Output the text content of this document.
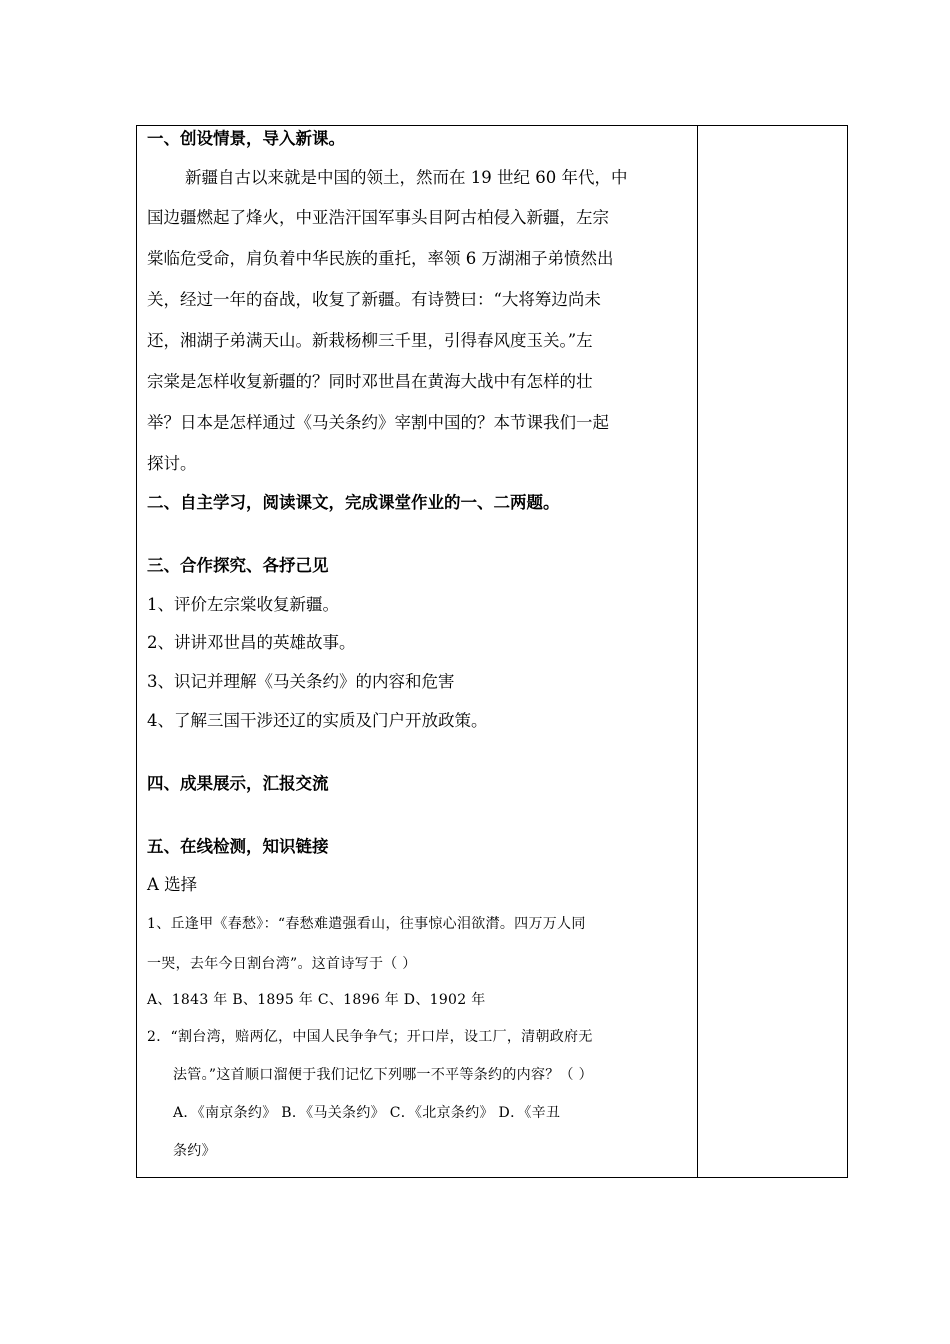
一、创设情景，导入新课。
新疆自古以来就是中国的领土，然而在 19 世纪 60 年代，中
国边疆燃起了烽火，中亚浩汗国军事头目阿古柏侵入新疆，左宗
棠临危受命，肩负着中华民族的重托，率领 6 万湖湘子弟愤然出
关，经过一年的奋战，收复了新疆。有诗赞曰：“大将筹边尚未
还，湘湖子弟满天山。新栽杨柳三千里，引得春风度玉关。”左
宗棠是怎样收复新疆的？同时邓世昌在黄海大战中有怎样的壮
举？日本是怎样通过《马关条约》宰割中国的？本节课我们一起
探讨。
二、自主学习，阅读课文，完成课堂作业的一、二两题。
三、合作探究、各抒己见
1、评价左宗棠收复新疆。
2、讲讲邓世昌的英雄故事。
3、识记并理解《马关条约》的内容和危害
4、了解三国干涉还辽的实质及门户开放政策。
四、成果展示，汇报交流
五、在线检测，知识链接
A 选择
1、丘逢甲《春愁》：“春愁难遣强看山，往事惊心泪欲潸。四万万人同
一哭，去年今日割台湾”。这首诗写于（ ）
A、1843 年 B、1895 年 C、1896 年 D、1902 年
2．“割台湾，赔两亿，中国人民争争气；开口岸，设工厂，清朝政府无
法管。”这首顺口溜便于我们记忆下列哪一不平等条约的内容？（ ）
A．《南京条约》 B．《马关条约》 C．《北京条约》 D．《辛丑
条约》
